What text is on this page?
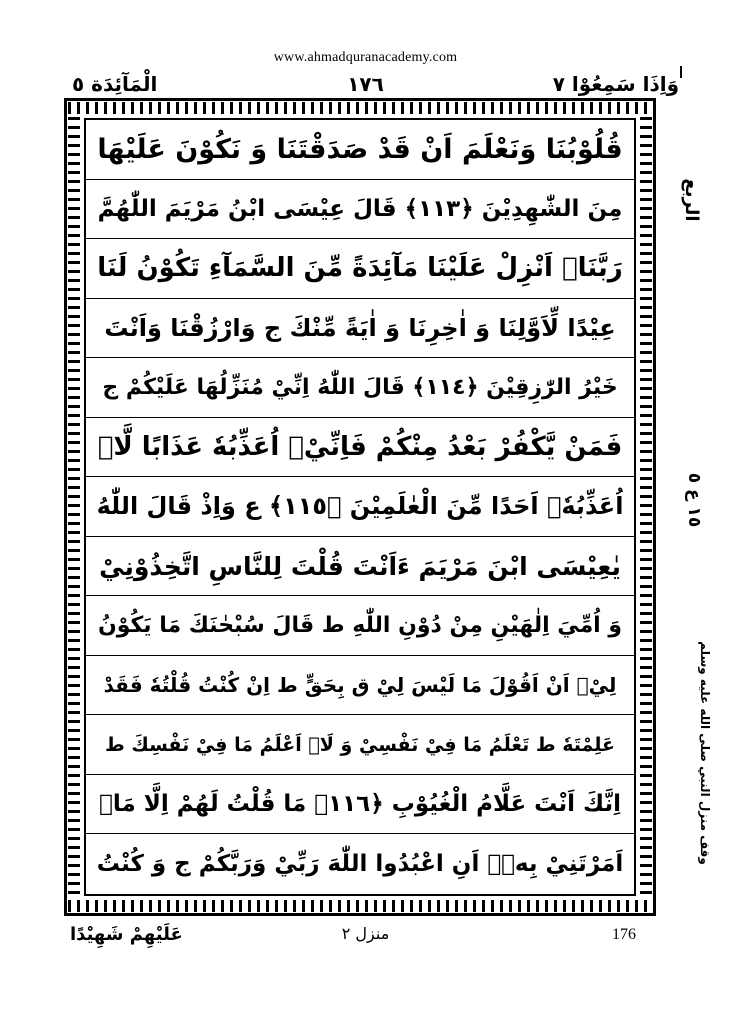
www.ahmadquranacademy.com
وَاِذَا سَمِعُوْا ٧
١٧٦
الْمَآئِدَة ٥
قُلُوْبُنَا وَنَعْلَمَ اَنْ قَدْ صَدَقْتَنَا وَ نَكُوْنَ عَلَيْهَا
مِنَ الشّٰهِدِيْنَ ﴿١١٣﴾ قَالَ عِيْسَى ابْنُ مَرْيَمَ اللّٰهُمَّ
رَبَّنَاۤ اَنْزِلْ عَلَيْنَا مَآئِدَةً مِّنَ السَّمَآءِ تَكُوْنُ لَنَا
عِيْدًا لِّاَوَّلِنَا وَ اٰخِرِنَا وَ اٰيَةً مِّنْكَ ج وَارْزُقْنَا وَاَنْتَ
خَيْرُ الرّٰزِقِيْنَ ﴿١١٤﴾ قَالَ اللّٰهُ اِنِّيْ مُنَزِّلُهَا عَلَيْكُمْ ج
فَمَنْ يَّكْفُرْ بَعْدُ مِنْكُمْ فَاِنِّيْۤ اُعَذِّبُهٗ عَذَابًا لَّاۤ
اُعَذِّبُهٗۤ اَحَدًا مِّنَ الْعٰلَمِيْنَ ﴿١١٥﴾ ع وَاِذْ قَالَ اللّٰهُ
يٰعِيْسَى ابْنَ مَرْيَمَ ءَاَنْتَ قُلْتَ لِلنَّاسِ اتَّخِذُوْنِيْ
وَ اُمِّيَ اِلٰهَيْنِ مِنْ دُوْنِ اللّٰهِ ط قَالَ سُبْحٰنَكَ مَا يَكُوْنُ
لِيْۤ اَنْ اَقُوْلَ مَا لَيْسَ لِيْ ق بِحَقٍّ ط اِنْ كُنْتُ قُلْتُهٗ فَقَدْ
عَلِمْتَهٗ ط تَعْلَمُ مَا فِيْ نَفْسِيْ وَ لَاۤ اَعْلَمُ مَا فِيْ نَفْسِكَ ط
اِنَّكَ اَنْتَ عَلَّامُ الْغُيُوْبِ ﴿١١٦﴾ مَا قُلْتُ لَهُمْ اِلَّا مَاۤ
اَمَرْتَنِيْ بِهٖۤ اَنِ اعْبُدُوا اللّٰهَ رَبِّيْ وَرَبَّكُمْ ج وَ كُنْتُ
الربع
١٥ ع ٥
وقف منزل النبي صلى الله عليه وسلم
عَلَيْهِمْ شَهِيْدًا	منزل ٢	176
